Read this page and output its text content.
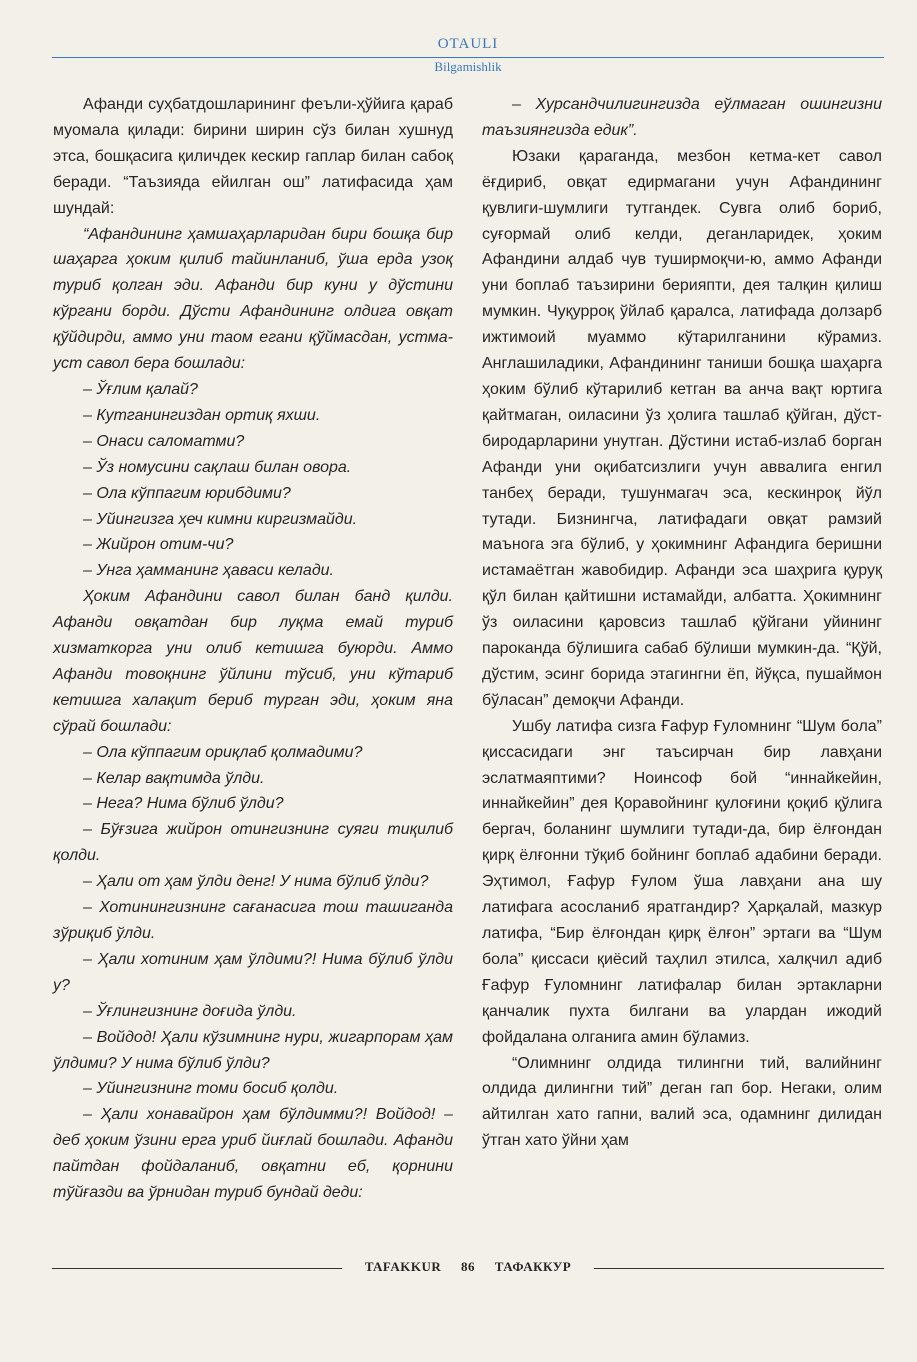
OTAULI
Bilgamishlik

Афанди суҳбатдошларининг феъли-ҳўйига қараб муомала қилади: бирини ширин сўз билан хушнуд этса, бошқасига қиличдек кескир гаплар билан сабоқ беради. “Таъзияда ейилган ош” латифасида ҳам шундай:

“Афандининг ҳамшаҳарларидан бири бошқа бир шаҳарга ҳоким қилиб тайинланиб, ўша ерда узоқ туриб қолган эди. Афанди бир куни у дўстини кўргани борди. Дўсти Афандининг олдига овқат қўйдирди, аммо уни таом егани қўймасдан, устма-уст савол бера бошлади:

– Ўғлим қалай?

– Кутганингиздан ортиқ яхши.

– Онаси саломатми?

– Ўз номусини сақлаш билан овора.

– Ола кўппагим юрибдими?

– Уйингизга ҳеч кимни киргизмайди.

– Жийрон отим-чи?

– Унга ҳамманинг ҳаваси келади.

Ҳоким Афандини савол билан банд қилди. Афанди овқатдан бир луқма емай туриб хизматкорга уни олиб кетишга буюрди. Аммо Афанди товоқнинг ўйлини тўсиб, уни кўтариб кетишга халақит бериб турган эди, ҳоким яна сўрай бошлади:

– Ола кўппагим ориқлаб қолмадими?

– Келар вақтимда ўлди.

– Нега? Нима бўлиб ўлди?

– Бўғзига жийрон отингизнинг суяги тиқилиб қолди.

– Ҳали от ҳам ўлди денг! У нима бўлиб ўлди?

– Хотинингизнинг сағанасига тош ташиганда зўриқиб ўлди.

– Ҳали хотиним ҳам ўлдими?! Нима бўлиб ўлди у?

– Ўғлингизнинг доғида ўлди.

– Войдод! Ҳали кўзимнинг нури, жигарпорам ҳам ўлдими? У нима бўлиб ўлди?

– Уйингизнинг томи босиб қолди.

– Ҳали хонавайрон ҳам бўлдимми?! Войдод! – деб ҳоким ўзини ерга уриб йиғлай бошлади. Афанди пайтдан фойдаланиб, овқатни еб, қорнини тўйғазди ва ўрнидан туриб бундай деди:

– Хурсандчилигингизда еўлмаган ошингизни таъзиянгизда едик”.

Юзаки қараганда, мезбон кетма-кет савол ёғдириб, овқат едирмагани учун Афандининг қувлиги-шумлиги тутгандек. Сувга олиб бориб, суғормай олиб келди, деганларидек, ҳоким Афандини алдаб чув туширмоқчи-ю, аммо Афанди уни боплаб таъзирини берияпти, дея талқин қилиш мумкин. Чуқурроқ ўйлаб қаралса, латифада долзарб ижтимоий муаммо кўтарилганини кўрамиз. Англашиладики, Афандининг таниши бошқа шаҳарга ҳоким бўлиб кўтарилиб кетган ва анча вақт юртига қайтмаган, оиласини ўз ҳолига ташлаб қўйган, дўст-биродарларини унутган. Дўстини истаб-излаб борган Афанди уни оқибатсизлиги учун аввалига енгил танбеҳ беради, тушунмагач эса, кескинроқ йўл тутади. Бизнингча, латифадаги овқат рамзий маънога эга бўлиб, у ҳокимнинг Афандига беришни истамаётган жавобидир. Афанди эса шаҳрига қуруқ қўл билан қайтишни истамайди, албатта. Ҳокимнинг ўз оиласини қаровсиз ташлаб қўйгани уйининг пароканда бўлишига сабаб бўлиши мумкин-да. “Қўй, дўстим, эсинг борида этагингни ёп, йўқса, пушаймон бўласан” демоқчи Афанди.

Ушбу латифа сизга Ғафур Ғуломнинг “Шум бола” қиссасидаги энг таъсирчан бир лавҳани эслатмаяптими? Ноинсоф бой “иннайкейин, иннайкейин” дея Қоравойнинг қулоғини қоқиб қўлига бергач, боланинг шумлиги тутади-да, бир ёлғондан қирқ ёлғонни тўқиб бойнинг боплаб адабини беради. Эҳтимол, Ғафур Ғулом ўша лавҳани ана шу латифага асосланиб яратгандир? Ҳарқалай, мазкур латифа, “Бир ёлғондан қирқ ёлғон” эртаги ва “Шум бола” қиссаси қиёсий таҳлил этилса, халқчил адиб Ғафур Ғуломнинг латифалар билан эртакларни қанчалик пухта билгани ва улардан ижодий фойдалана олганига амин бўламиз.

“Олимнинг олдида тилингни тий, валийнинг олдида дилингни тий” деган гап бор. Негаки, олим айтилган хато гапни, валий эса, одамнинг дилидан ўтган хато ўйни ҳам

TAFAKKUR 86 ТАФАККУР
